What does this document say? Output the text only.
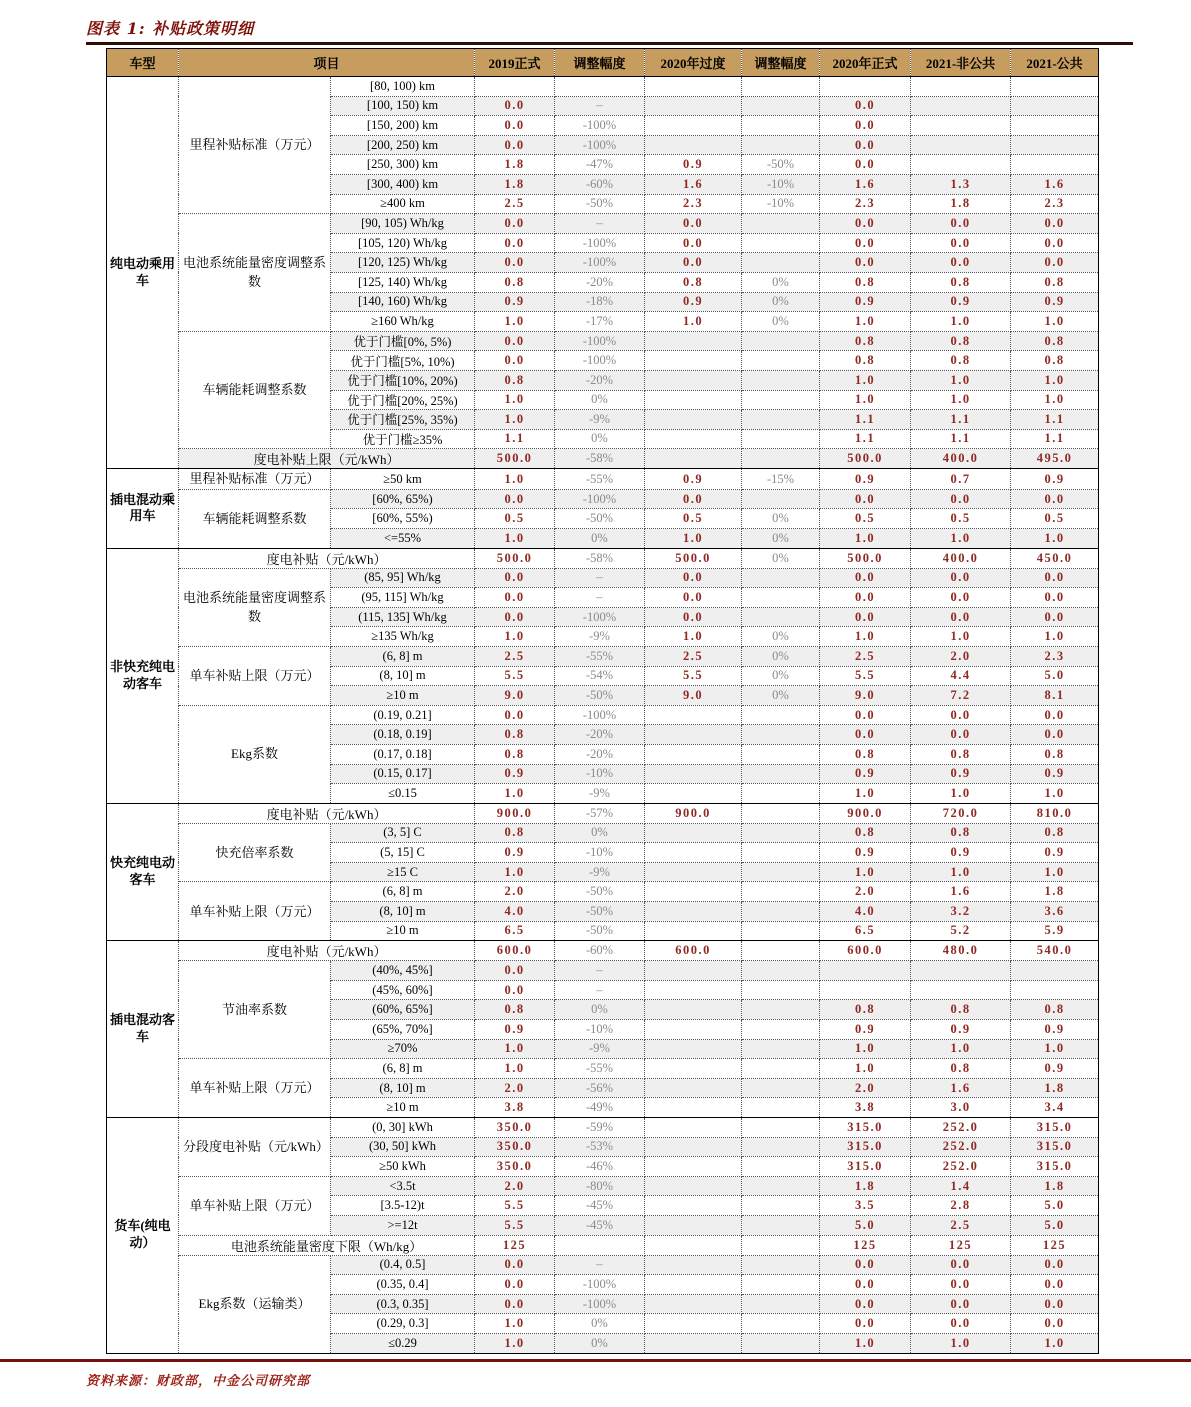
图表 1: 补贴政策明细
车型	项目		2019正式	调整幅度	2020年过度	调整幅度	2020年正式	2021-非公共	2021-公共
纯电动乘用车	里程补贴标准（万元）	[80, 100) km							
		[100, 150) km	0.0	–			0.0		
		[150, 200) km	0.0	-100%			0.0		
		[200, 250) km	0.0	-100%			0.0		
		[250, 300) km	1.8	-47%	0.9	-50%	0.0		
		[300, 400) km	1.8	-60%	1.6	-10%	1.6	1.3	1.6
		≥400 km	2.5	-50%	2.3	-10%	2.3	1.8	2.3
	电池系统能量密度调整系数	[90, 105) Wh/kg	0.0	–	0.0		0.0	0.0	0.0
		[105, 120) Wh/kg	0.0	-100%	0.0		0.0	0.0	0.0
		[120, 125) Wh/kg	0.0	-100%	0.0		0.0	0.0	0.0
		[125, 140) Wh/kg	0.8	-20%	0.8	0%	0.8	0.8	0.8
		[140, 160) Wh/kg	0.9	-18%	0.9	0%	0.9	0.9	0.9
		≥160 Wh/kg	1.0	-17%	1.0	0%	1.0	1.0	1.0
	车辆能耗调整系数	优于门槛[0%, 5%)	0.0	-100%			0.8	0.8	0.8
		优于门槛[5%, 10%)	0.0	-100%			0.8	0.8	0.8
		优于门槛[10%, 20%)	0.8	-20%			1.0	1.0	1.0
		优于门槛[20%, 25%)	1.0	0%			1.0	1.0	1.0
		优于门槛[25%, 35%)	1.0	-9%			1.1	1.1	1.1
		优于门槛≥35%	1.1	0%			1.1	1.1	1.1
	度电补贴上限（元/kWh）		500.0	-58%			500.0	400.0	495.0
插电混动乘用车	里程补贴标准（万元）	≥50 km	1.0	-55%	0.9	-15%	0.9	0.7	0.9
	车辆能耗调整系数	[60%, 65%)	0.0	-100%	0.0		0.0	0.0	0.0
		[60%, 55%)	0.5	-50%	0.5	0%	0.5	0.5	0.5
		<=55%	1.0	0%	1.0	0%	1.0	1.0	1.0
非快充纯电动客车	度电补贴（元/kWh）		500.0	-58%	500.0	0%	500.0	400.0	450.0
	电池系统能量密度调整系数	(85, 95] Wh/kg	0.0	–	0.0		0.0	0.0	0.0
		(95, 115] Wh/kg	0.0	–	0.0		0.0	0.0	0.0
		(115, 135] Wh/kg	0.0	-100%	0.0		0.0	0.0	0.0
		≥135 Wh/kg	1.0	-9%	1.0	0%	1.0	1.0	1.0
	单车补贴上限（万元）	(6, 8] m	2.5	-55%	2.5	0%	2.5	2.0	2.3
		(8, 10] m	5.5	-54%	5.5	0%	5.5	4.4	5.0
		≥10 m	9.0	-50%	9.0	0%	9.0	7.2	8.1
	Ekg系数	(0.19, 0.21]	0.0	-100%			0.0	0.0	0.0
		(0.18, 0.19]	0.8	-20%			0.0	0.0	0.0
		(0.17, 0.18]	0.8	-20%			0.8	0.8	0.8
		(0.15, 0.17]	0.9	-10%			0.9	0.9	0.9
		≤0.15	1.0	-9%			1.0	1.0	1.0
快充纯电动客车	度电补贴（元/kWh）		900.0	-57%	900.0		900.0	720.0	810.0
	快充倍率系数	(3, 5] C	0.8	0%			0.8	0.8	0.8
		(5, 15] C	0.9	-10%			0.9	0.9	0.9
		≥15 C	1.0	-9%			1.0	1.0	1.0
	单车补贴上限（万元）	(6, 8] m	2.0	-50%			2.0	1.6	1.8
		(8, 10] m	4.0	-50%			4.0	3.2	3.6
		≥10 m	6.5	-50%			6.5	5.2	5.9
插电混动客车	度电补贴（元/kWh）		600.0	-60%	600.0		600.0	480.0	540.0
	节油率系数	(40%, 45%]	0.0	–					
		(45%, 60%]	0.0	–					
		(60%, 65%]	0.8	0%			0.8	0.8	0.8
		(65%, 70%]	0.9	-10%			0.9	0.9	0.9
		≥70%	1.0	-9%			1.0	1.0	1.0
	单车补贴上限（万元）	(6, 8] m	1.0	-55%			1.0	0.8	0.9
		(8, 10] m	2.0	-56%			2.0	1.6	1.8
		≥10 m	3.8	-49%			3.8	3.0	3.4
货车(纯电动）	分段度电补贴（元/kWh）	(0, 30] kWh	350.0	-59%			315.0	252.0	315.0
		(30, 50] kWh	350.0	-53%			315.0	252.0	315.0
		≥50 kWh	350.0	-46%			315.0	252.0	315.0
	单车补贴上限（万元）	<3.5t	2.0	-80%			1.8	1.4	1.8
		[3.5-12)t	5.5	-45%			3.5	2.8	5.0
		>=12t	5.5	-45%			5.0	2.5	5.0
	电池系统能量密度下限（Wh/kg）		125				125	125	125
	Ekg系数（运输类）	(0.4, 0.5]	0.0	–			0.0	0.0	0.0
		(0.35, 0.4]	0.0	-100%			0.0	0.0	0.0
		(0.3, 0.35]	0.0	-100%			0.0	0.0	0.0
		(0.29, 0.3]	1.0	0%			0.0	0.0	0.0
		≤0.29	1.0	0%			1.0	1.0	1.0
资料来源：财政部，中金公司研究部
